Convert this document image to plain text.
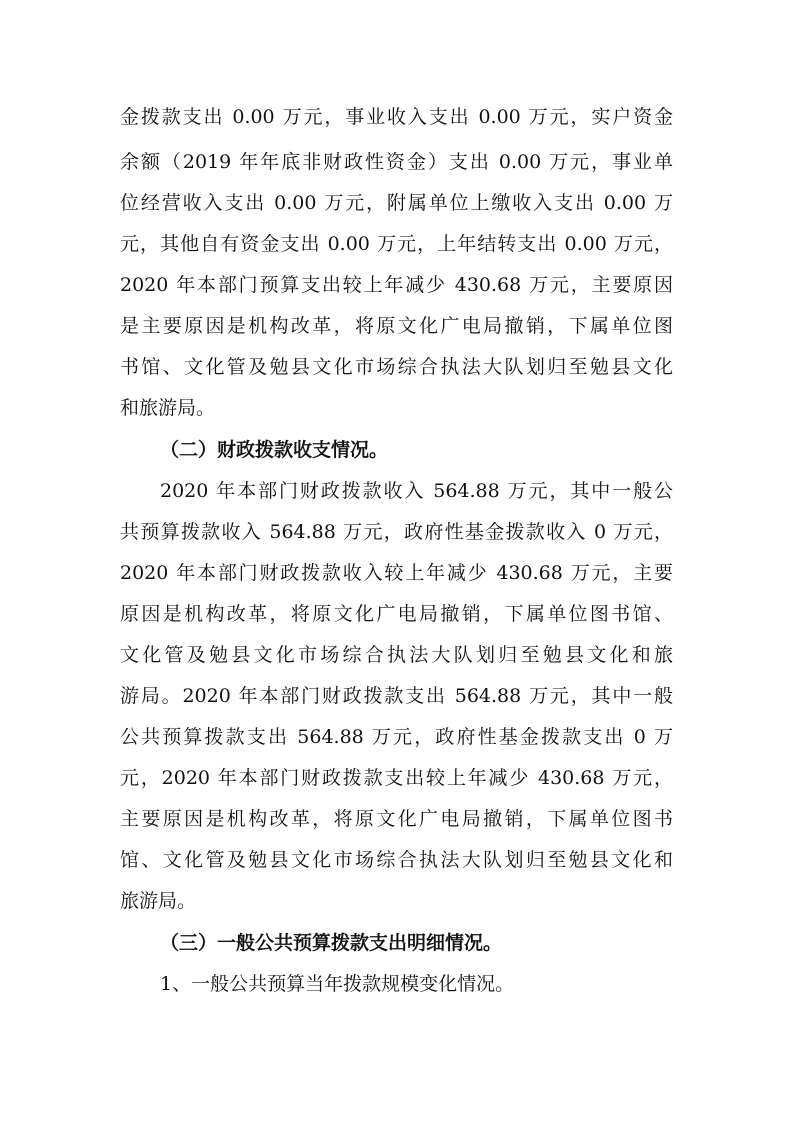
金拨款支出 0.00 万元，事业收入支出 0.00 万元，实户资金
余额（2019 年年底非财政性资金）支出 0.00 万元，事业单
位经营收入支出 0.00 万元，附属单位上缴收入支出 0.00 万
元，其他自有资金支出 0.00 万元，上年结转支出 0.00 万元，
2020 年本部门预算支出较上年减少 430.68 万元，主要原因
是主要原因是机构改革，将原文化广电局撤销，下属单位图
书馆、文化管及勉县文化市场综合执法大队划归至勉县文化
和旅游局。
（二）财政拨款收支情况。
2020 年本部门财政拨款收入 564.88 万元，其中一般公
共预算拨款收入 564.88 万元，政府性基金拨款收入 0 万元，
2020 年本部门财政拨款收入较上年减少 430.68 万元，主要
原因是机构改革，将原文化广电局撤销，下属单位图书馆、
文化管及勉县文化市场综合执法大队划归至勉县文化和旅
游局。2020 年本部门财政拨款支出 564.88 万元，其中一般
公共预算拨款支出 564.88 万元，政府性基金拨款支出 0 万
元，2020 年本部门财政拨款支出较上年减少 430.68 万元，
主要原因是机构改革，将原文化广电局撤销，下属单位图书
馆、文化管及勉县文化市场综合执法大队划归至勉县文化和
旅游局。
（三）一般公共预算拨款支出明细情况。
1、一般公共预算当年拨款规模变化情况。
